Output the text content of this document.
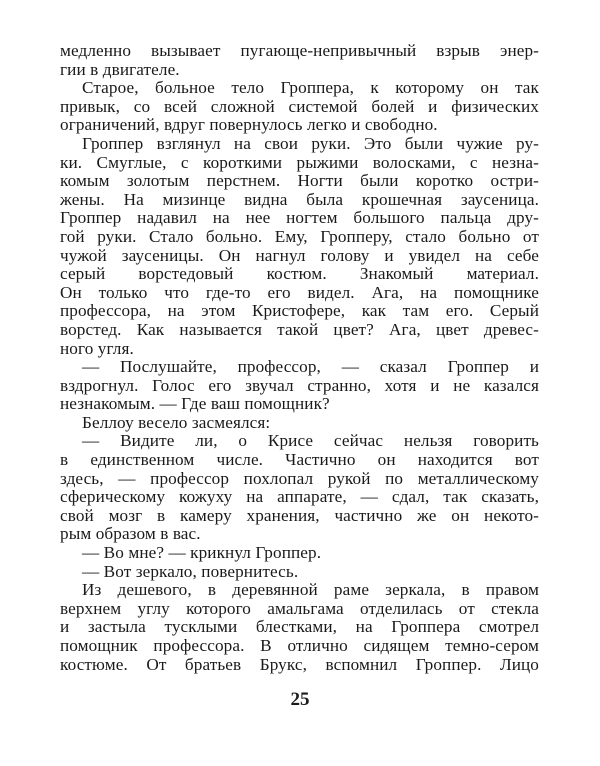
медленно вызывает пугающе-непривычный взрыв энер-
гии в двигателе.
Старое, больное тело Гроппера, к которому он так
привык, со всей сложной системой болей и физических
ограничений, вдруг повернулось легко и свободно.
Гроппер взглянул на свои руки. Это были чужие ру-
ки. Смуглые, с короткими рыжими волосками, с незна-
комым золотым перстнем. Ногти были коротко остри-
жены. На мизинце видна была крошечная заусеница.
Гроппер надавил на нее ногтем большого пальца дру-
гой руки. Стало больно. Ему, Гропперу, стало больно от
чужой заусеницы. Он нагнул голову и увидел на себе
серый ворстедовый костюм. Знакомый материал.
Он только что где-то его видел. Ага, на помощнике
профессора, на этом Кристофере, как там его. Серый
ворстед. Как называется такой цвет? Ага, цвет древес-
ного угля.
— Послушайте, профессор, — сказал Гроппер и
вздрогнул. Голос его звучал странно, хотя и не казался
незнакомым. — Где ваш помощник?
Беллоу весело засмеялся:
— Видите ли, о Крисе сейчас нельзя говорить
в единственном числе. Частично он находится вот
здесь, — профессор похлопал рукой по металлическому
сферическому кожуху на аппарате, — сдал, так сказать,
свой мозг в камеру хранения, частично же он некото-
рым образом в вас.
— Во мне? — крикнул Гроппер.
— Вот зеркало, повернитесь.
Из дешевого, в деревянной раме зеркала, в правом
верхнем углу которого амальгама отделилась от стекла
и застыла тусклыми блестками, на Гроппера смотрел
помощник профессора. В отлично сидящем темно-сером
костюме. От братьев Брукс, вспомнил Гроппер. Лицо
25
